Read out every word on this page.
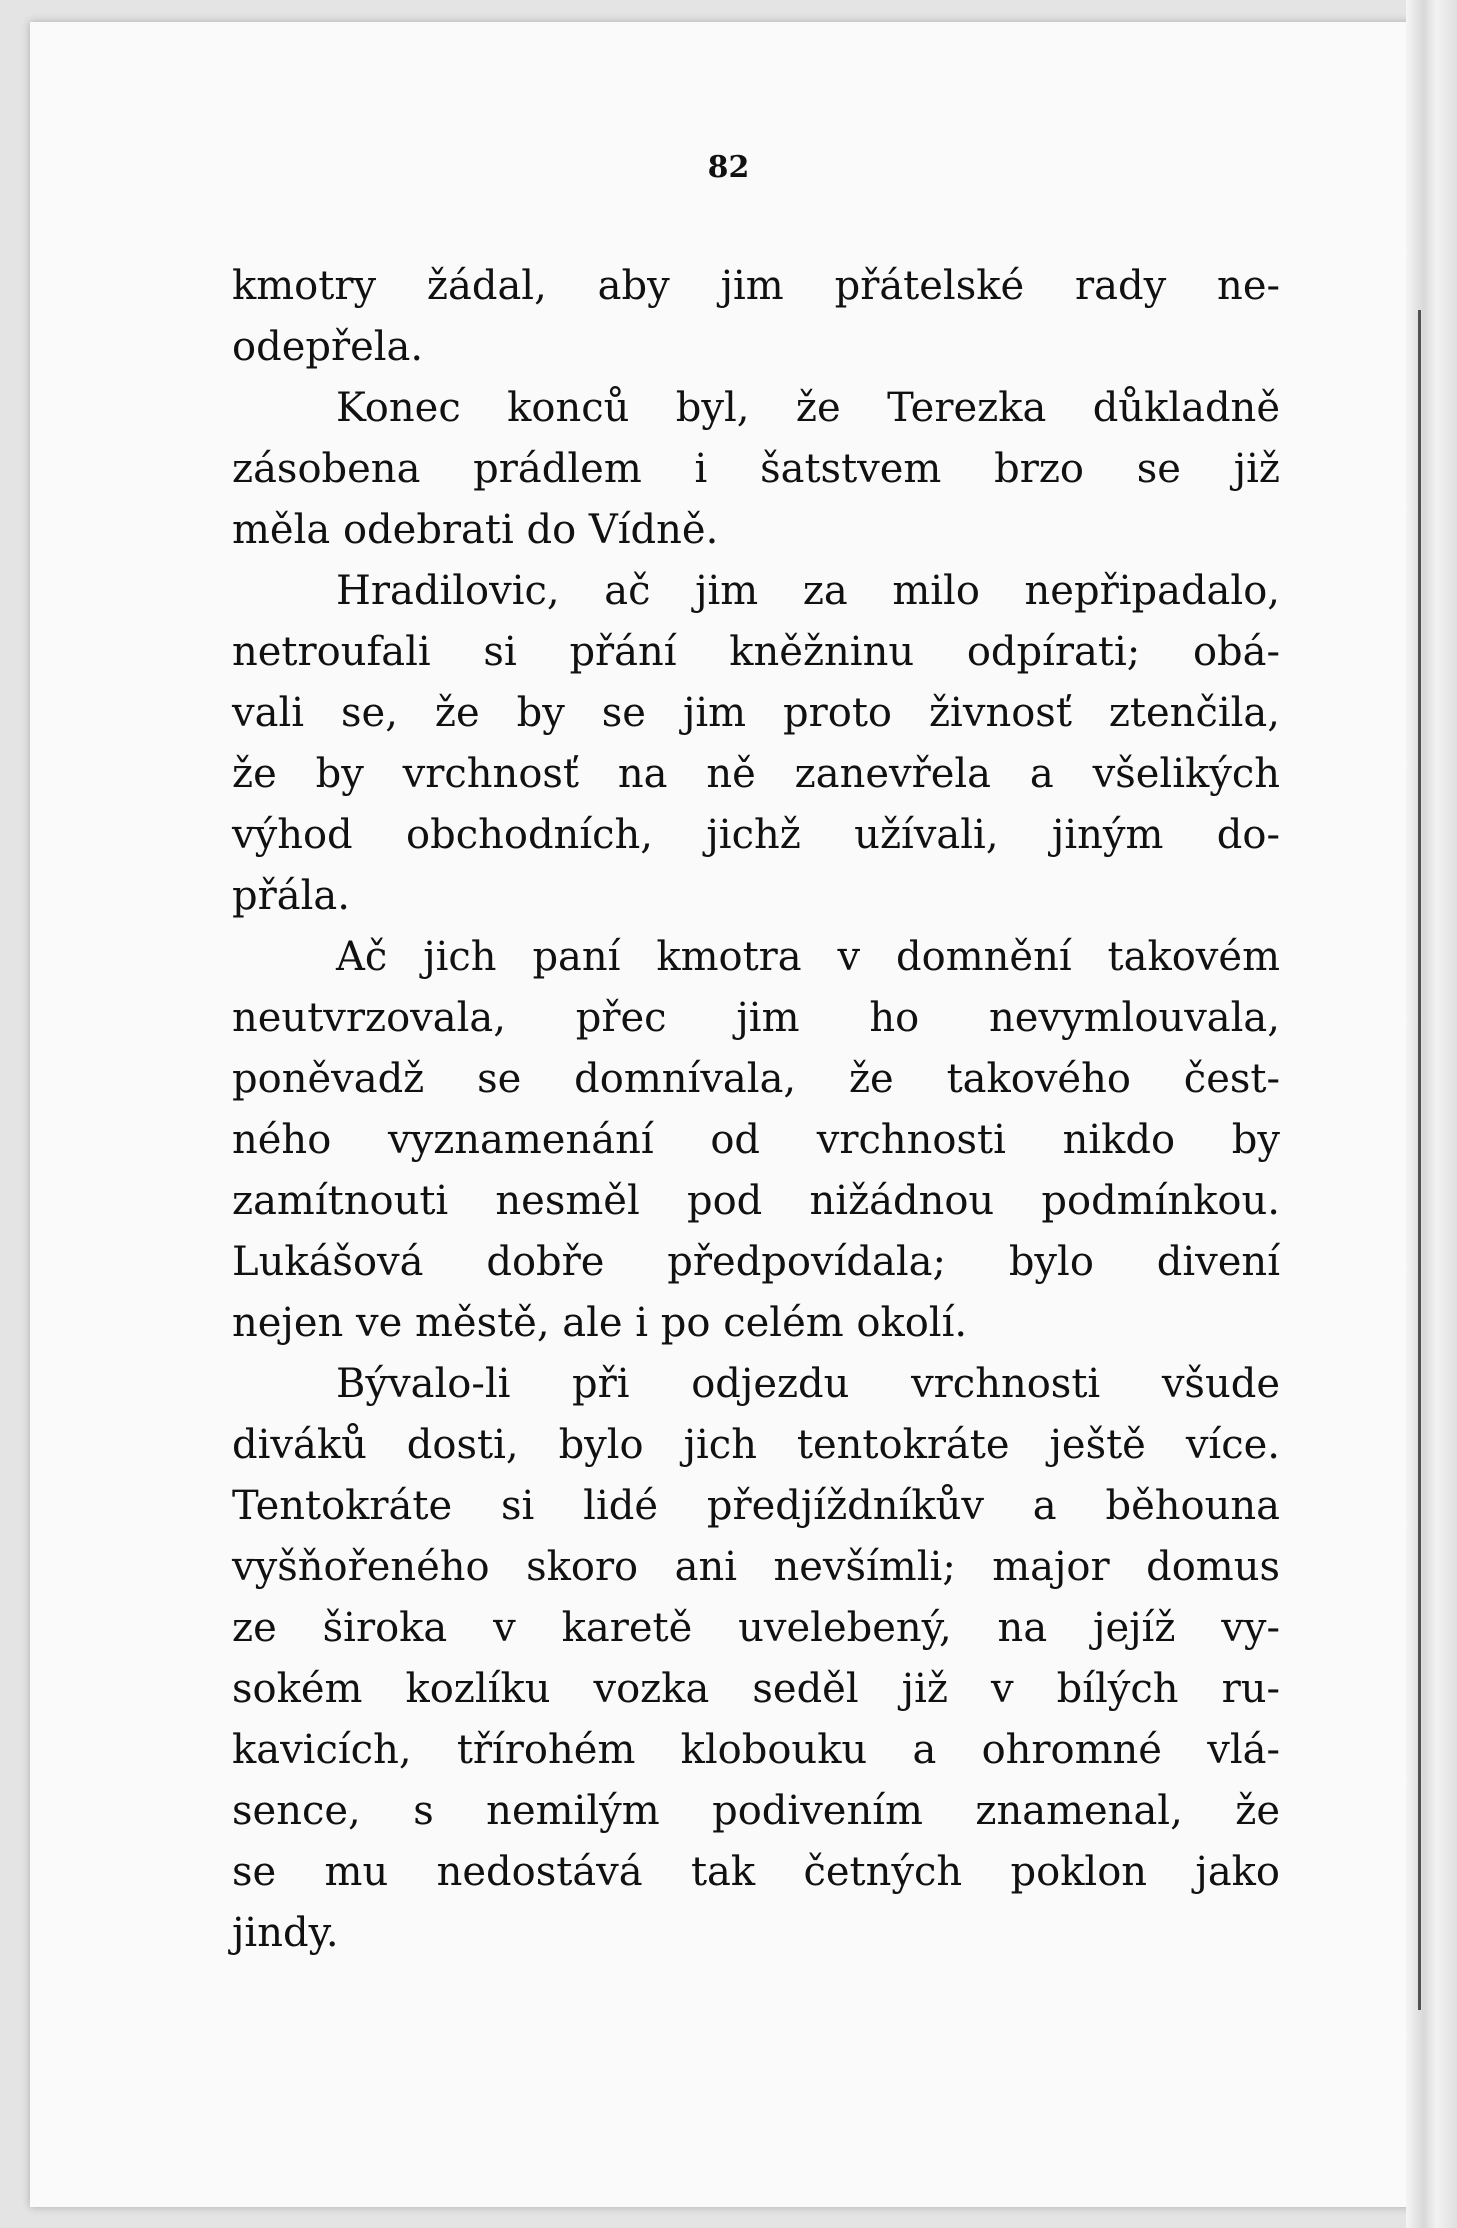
82
kmotry žádal, aby jim přátelské rady ne-
odepřela.
Konec konců byl, že Terezka důkladně
zásobena prádlem i šatstvem brzo se již
měla odebrati do Vídně.
Hradilovic, ač jim za milo nepřipadalo,
netroufali si přání kněžninu odpírati; obá-
vali se, že by se jim proto živnosť ztenčila,
že by vrchnosť na ně zanevřela a všelikých
výhod obchodních, jichž užívali, jiným do-
přála.
Ač jich paní kmotra v domnění takovém
neutvrzovala, přec jim ho nevymlouvala,
poněvadž se domnívala, že takového čest-
ného vyznamenání od vrchnosti nikdo by
zamítnouti nesměl pod nižádnou podmínkou.
Lukášová dobře předpovídala; bylo divení
nejen ve městě, ale i po celém okolí.
Bývalo-li při odjezdu vrchnosti všude
diváků dosti, bylo jich tentokráte ještě více.
Tentokráte si lidé předjíždníkův a běhouna
vyšňořeného skoro ani nevšímli; major domus
ze široka v karetě uvelebený, na jejíž vy-
sokém kozlíku vozka seděl již v bílých ru-
kavicích, třírohém klobouku a ohromné vlá-
sence, s nemilým podivením znamenal, že
se mu nedostává tak četných poklon jako
jindy.
